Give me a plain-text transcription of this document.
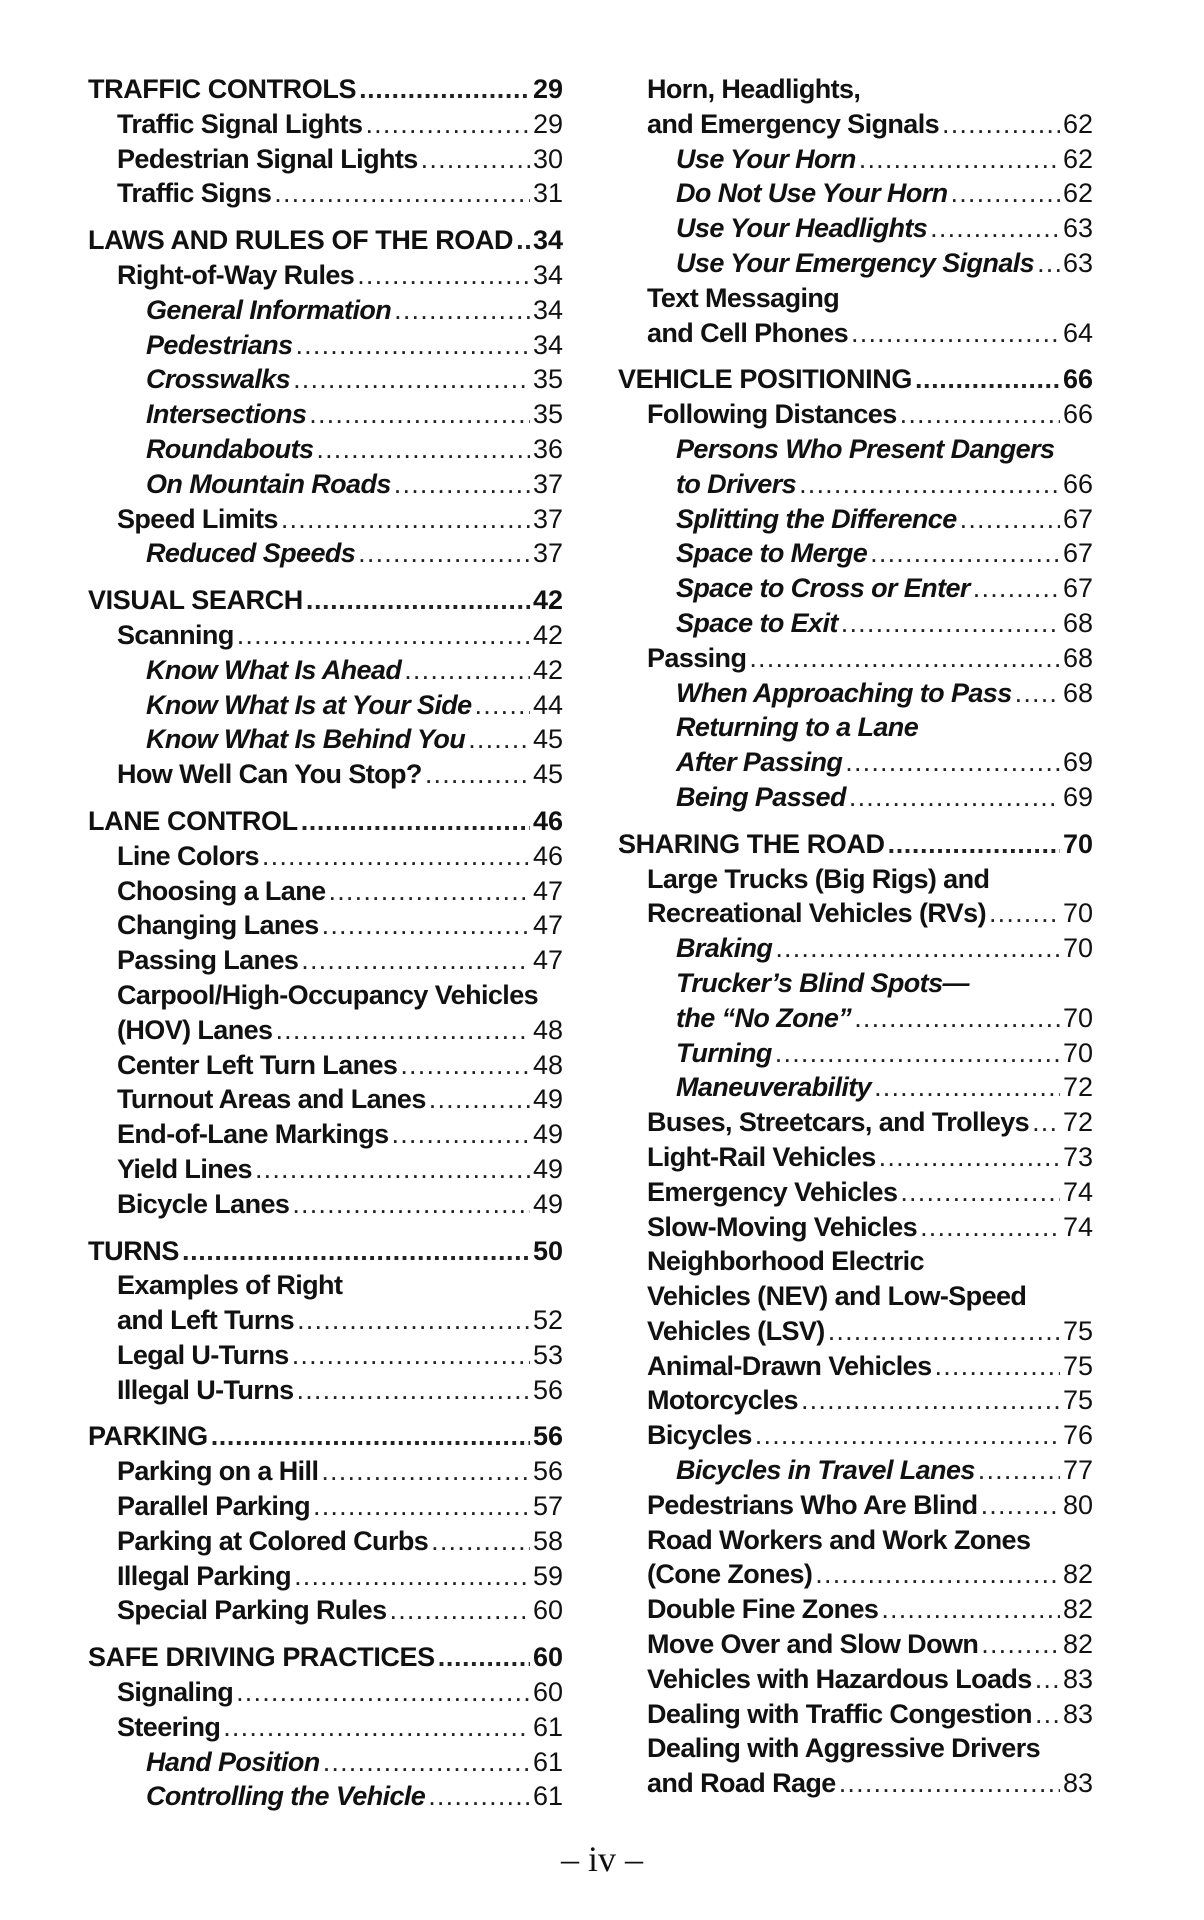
TRAFFIC CONTROLS .....	29
Traffic Signal Lights .....	29
Pedestrian Signal Lights .....	30
Traffic Signs .....	31
LAWS AND RULES OF THE ROAD ..... 34
Right-of-Way Rules .....	34
General Information .....	34
Pedestrians .....	34
Crosswalks .....	35
Intersections .....	35
Roundabouts .....	36
On Mountain Roads .....	37
Speed Limits .....	37
Reduced Speeds .....	37
VISUAL SEARCH .....	42
Scanning .....	42
Know What Is Ahead .....	42
Know What Is at Your Side ..... 44
Know What Is Behind You .....	45
How Well Can You Stop? .....	45
LANE CONTROL .....	46
Line Colors .....	46
Choosing a Lane .....	47
Changing Lanes .....	47
Passing Lanes .....	47
Carpool/High-Occupancy Vehicles
(HOV) Lanes .....	48
Center Left Turn Lanes .....	48
Turnout Areas and Lanes .....	49
End-of-Lane Markings .....	49
Yield Lines .....	49
Bicycle Lanes .....	49
TURNS .....	50
Examples of Right
and Left Turns .....	52
Legal U-Turns .....	53
Illegal U-Turns .....	56
PARKING .....	56
Parking on a Hill .....	56
Parallel Parking .....	57
Parking at Colored Curbs .....	58
Illegal Parking .....	59
Special Parking Rules .....	60
SAFE DRIVING PRACTICES .....	60
Signaling .....	60
Steering .....	61
Hand Position .....	61
Controlling the Vehicle .....	61
Horn, Headlights,
and Emergency Signals .....	62
Use Your Horn .....	62
Do Not Use Your Horn .....	62
Use Your Headlights .....	63
Use Your Emergency Signals ..... 63
Text Messaging
and Cell Phones .....	64
VEHICLE POSITIONING .....	66
Following Distances .....	66
Persons Who Present Dangers
to Drivers .....	66
Splitting the Difference .....	67
Space to Merge .....	67
Space to Cross or Enter .....	67
Space to Exit .....	68
Passing .....	68
When Approaching to Pass ..... 68
Returning to a Lane
After Passing .....	69
Being Passed .....	69
SHARING THE ROAD .....	70
Large Trucks (Big Rigs) and
Recreational Vehicles (RVs) .....	70
Braking .....	70
Trucker’s Blind Spots—
the “No Zone” .....	70
Turning .....	70
Maneuverability .....	72
Buses, Streetcars, and Trolleys ..... 72
Light-Rail Vehicles .....	73
Emergency Vehicles .....	74
Slow-Moving Vehicles .....	74
Neighborhood Electric
Vehicles (NEV) and Low-Speed
Vehicles (LSV) .....	75
Animal-Drawn Vehicles .....	75
Motorcycles .....	75
Bicycles .....	76
Bicycles in Travel Lanes .....	77
Pedestrians Who Are Blind .....	80
Road Workers and Work Zones
(Cone Zones) .....	82
Double Fine Zones .....	82
Move Over and Slow Down .....	82
Vehicles with Hazardous Loads ..... 83
Dealing with Traffic Congestion ..... 83
Dealing with Aggressive Drivers
and Road Rage .....	83
– iv –
